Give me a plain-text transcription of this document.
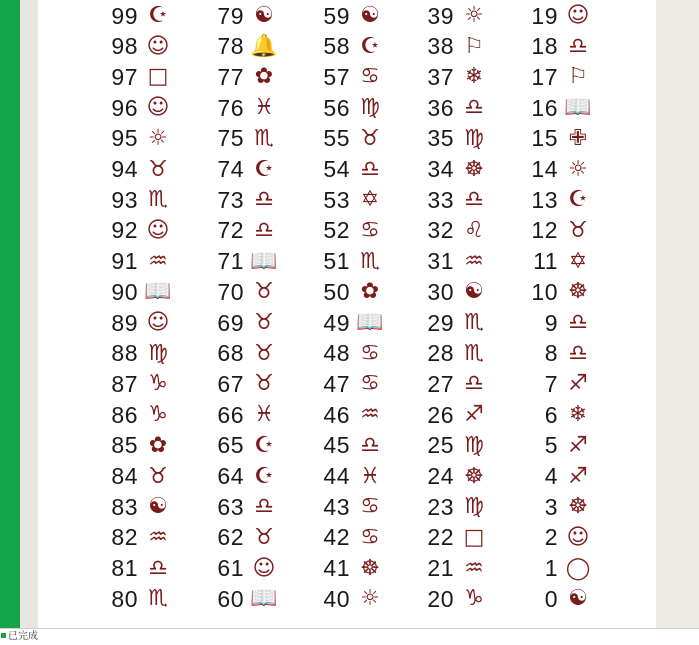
99 ☪
98 ☺
97 □
96 ☺
95 ☼
94 ♉
93 ♏
92 ☺
91 ♒
90 📖
89 ☺
88 ♍
87 ♑
86 ♑
85 ✿
84 ♉
83 ☯
82 ♒
81 ♎
80 ♏
79 ☯
78 🔔
77 ✿
76 ♓
75 ♏
74 ☪
73 ♎
72 ♎
71 📖
70 ♉
69 ♉
68 ♉
67 ♉
66 ♓
65 ☪
64 ☪
63 ♎
62 ♉
61 ☺
60 📖
59 ☯
58 ☪
57 ♋
56 ♍
55 ♉
54 ♎
53 ✡
52 ♋
51 ♏
50 ✿
49 📖
48 ♋
47 ♋
46 ♒
45 ♎
44 ♓
43 ♋
42 ♋
41 ☸
40 ☼
39 ☼
38 ⚐
37 ❄
36 ♎
35 ♍
34 ☸
33 ♎
32 ♌
31 ♒
30 ☯
29 ♏
28 ♏
27 ♎
26 ♐
25 ♍
24 ☸
23 ♍
22 □
21 ♒
20 ♑
19 ☺
18 ♎
17 ⚐
16 📖
15 ✙
14 ☼
13 ☪
12 ♉
11 ✡
10 ☸
9 ♎
8 ♎
7 ♐
6 ❄
5 ♐
4 ♐
3 ☸
2 ☺
1 ◯
0 ☯
已完成
